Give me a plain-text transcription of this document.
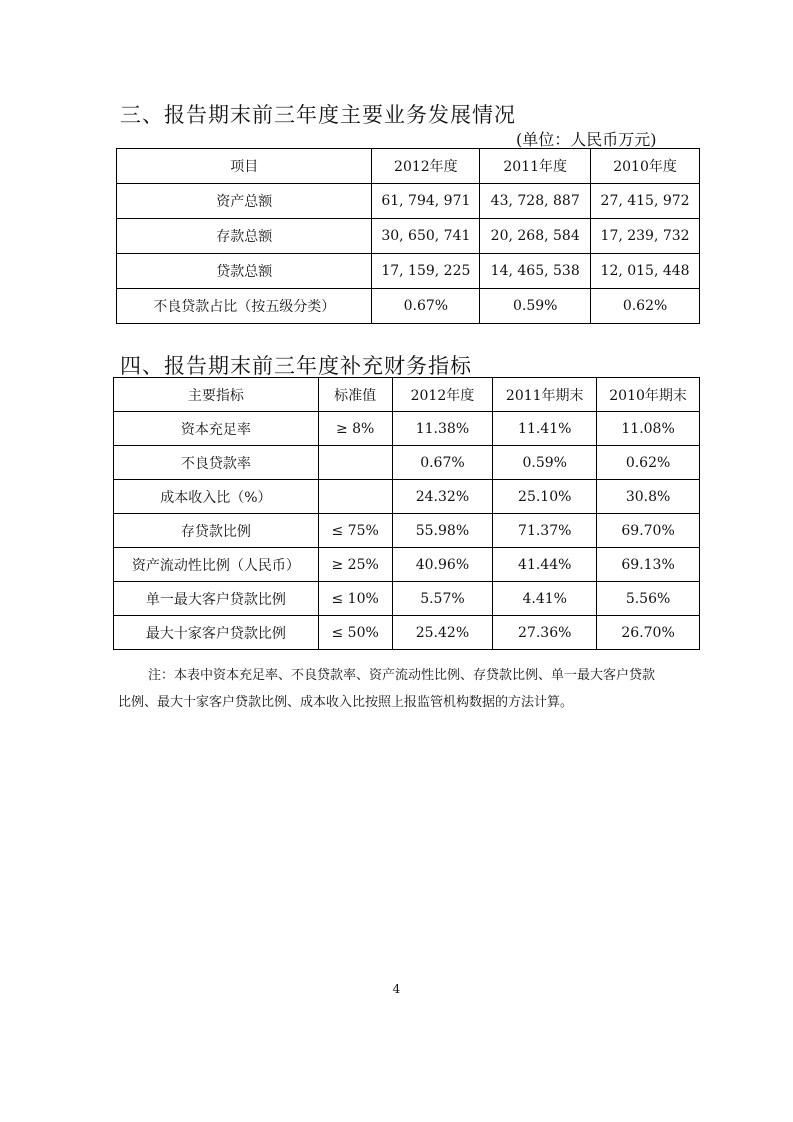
三、报告期末前三年度主要业务发展情况
(单位：人民币万元)
项目	2012年度	2011年度	2010年度
资产总额	61, 794, 971	43, 728, 887	27, 415, 972
存款总额	30, 650, 741	20, 268, 584	17, 239, 732
贷款总额	17, 159, 225	14, 465, 538	12, 015, 448
不良贷款占比（按五级分类）	0.67%	0.59%	0.62%
四、报告期末前三年度补充财务指标
主要指标	标准值	2012年度	2011年期末	2010年期末
资本充足率	≥ 8%	11.38%	11.41%	11.08%
不良贷款率		0.67%	0.59%	0.62%
成本收入比（%）		24.32%	25.10%	30.8%
存贷款比例	≤ 75%	55.98%	71.37%	69.70%
资产流动性比例（人民币）	≥ 25%	40.96%	41.44%	69.13%
单一最大客户贷款比例	≤ 10%	5.57%	4.41%	5.56%
最大十家客户贷款比例	≤ 50%	25.42%	27.36%	26.70%

注：本表中资本充足率、不良贷款率、资产流动性比例、存贷款比例、单一最大客户贷款

比例、最大十家客户贷款比例、成本收入比按照上报监管机构数据的方法计算。

4
